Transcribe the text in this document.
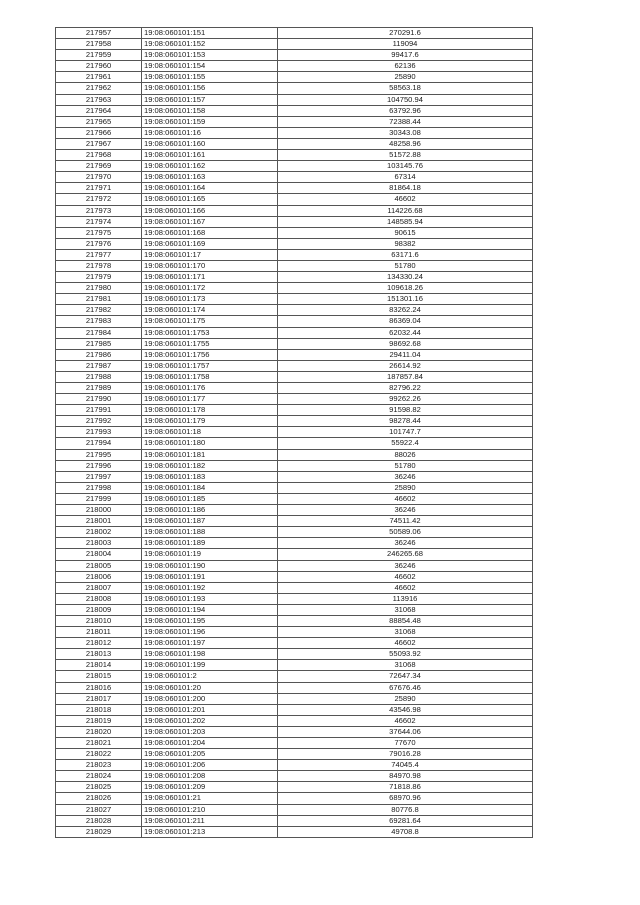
217957	19:08:060101:151	270291.6
217958	19:08:060101:152	119094
217959	19:08:060101:153	99417.6
217960	19:08:060101:154	62136
217961	19:08:060101:155	25890
217962	19:08:060101:156	58563.18
217963	19:08:060101:157	104750.94
217964	19:08:060101:158	63792.96
217965	19:08:060101:159	72388.44
217966	19:08:060101:16	30343.08
217967	19:08:060101:160	48258.96
217968	19:08:060101:161	51572.88
217969	19:08:060101:162	103145.76
217970	19:08:060101:163	67314
217971	19:08:060101:164	81864.18
217972	19:08:060101:165	46602
217973	19:08:060101:166	114226.68
217974	19:08:060101:167	148585.94
217975	19:08:060101:168	90615
217976	19:08:060101:169	98382
217977	19:08:060101:17	63171.6
217978	19:08:060101:170	51780
217979	19:08:060101:171	134330.24
217980	19:08:060101:172	109618.26
217981	19:08:060101:173	151301.16
217982	19:08:060101:174	83262.24
217983	19:08:060101:175	86369.04
217984	19:08:060101:1753	62032.44
217985	19:08:060101:1755	98692.68
217986	19:08:060101:1756	29411.04
217987	19:08:060101:1757	26614.92
217988	19:08:060101:1758	187857.84
217989	19:08:060101:176	82796.22
217990	19:08:060101:177	99262.26
217991	19:08:060101:178	91598.82
217992	19:08:060101:179	98278.44
217993	19:08:060101:18	101747.7
217994	19:08:060101:180	55922.4
217995	19:08:060101:181	88026
217996	19:08:060101:182	51780
217997	19:08:060101:183	36246
217998	19:08:060101:184	25890
217999	19:08:060101:185	46602
218000	19:08:060101:186	36246
218001	19:08:060101:187	74511.42
218002	19:08:060101:188	50589.06
218003	19:08:060101:189	36246
218004	19:08:060101:19	246265.68
218005	19:08:060101:190	36246
218006	19:08:060101:191	46602
218007	19:08:060101:192	46602
218008	19:08:060101:193	113916
218009	19:08:060101:194	31068
218010	19:08:060101:195	88854.48
218011	19:08:060101:196	31068
218012	19:08:060101:197	46602
218013	19:08:060101:198	55093.92
218014	19:08:060101:199	31068
218015	19:08:060101:2	72647.34
218016	19:08:060101:20	67676.46
218017	19:08:060101:200	25890
218018	19:08:060101:201	43546.98
218019	19:08:060101:202	46602
218020	19:08:060101:203	37644.06
218021	19:08:060101:204	77670
218022	19:08:060101:205	79016.28
218023	19:08:060101:206	74045.4
218024	19:08:060101:208	84970.98
218025	19:08:060101:209	71818.86
218026	19:08:060101:21	68970.96
218027	19:08:060101:210	80776.8
218028	19:08:060101:211	69281.64
218029	19:08:060101:213	49708.8
